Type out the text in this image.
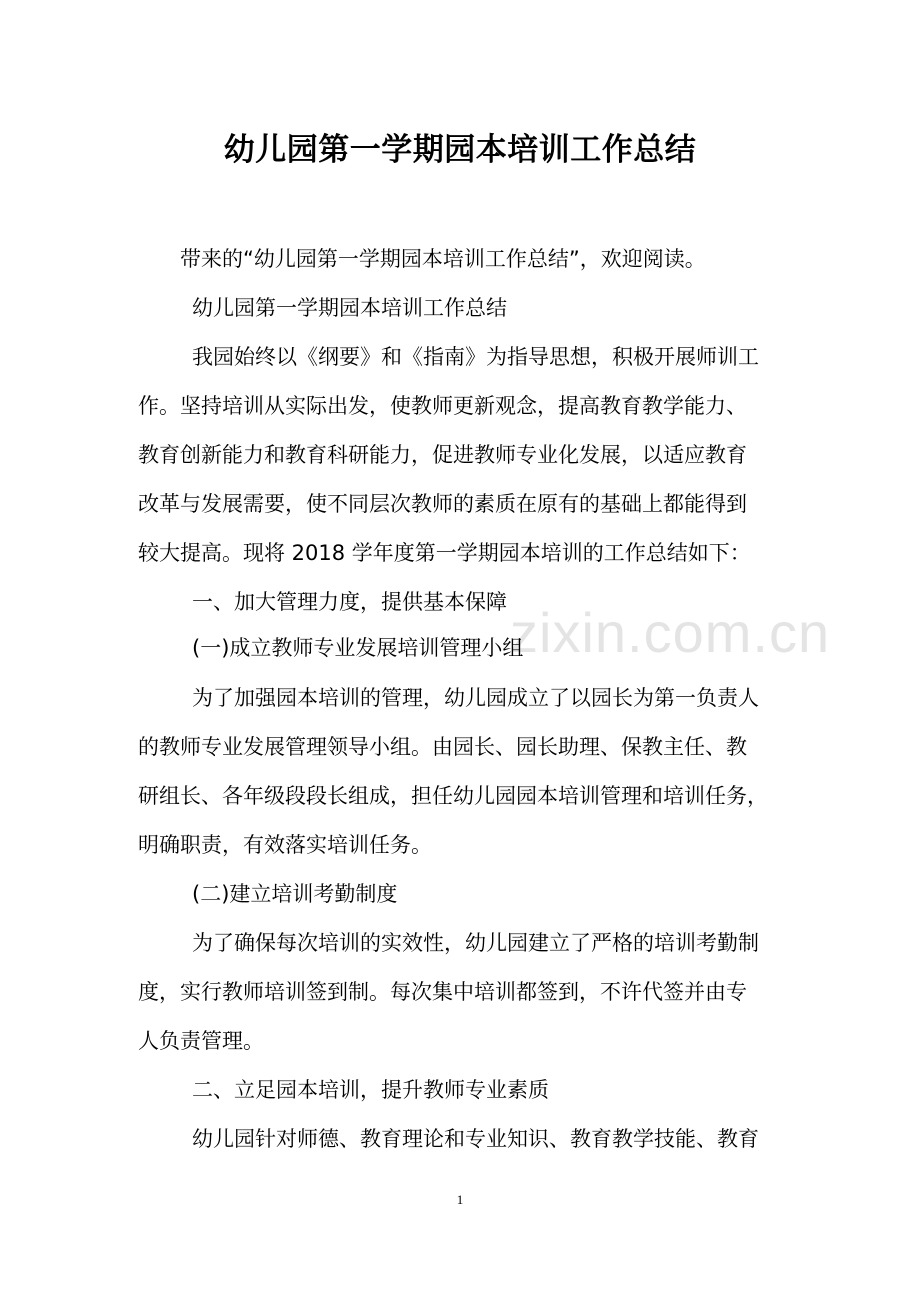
zixin.com.cn
幼儿园第一学期园本培训工作总结
带来的“幼儿园第一学期园本培训工作总结”，欢迎阅读。
幼儿园第一学期园本培训工作总结
我园始终以《纲要》和《指南》为指导思想，积极开展师训工
作。坚持培训从实际出发，使教师更新观念，提高教育教学能力、
教育创新能力和教育科研能力，促进教师专业化发展，以适应教育
改革与发展需要，使不同层次教师的素质在原有的基础上都能得到
较大提高。现将 2018 学年度第一学期园本培训的工作总结如下：
一、加大管理力度，提供基本保障
(一)成立教师专业发展培训管理小组
为了加强园本培训的管理，幼儿园成立了以园长为第一负责人
的教师专业发展管理领导小组。由园长、园长助理、保教主任、教
研组长、各年级段段长组成，担任幼儿园园本培训管理和培训任务，
明确职责，有效落实培训任务。
(二)建立培训考勤制度
为了确保每次培训的实效性，幼儿园建立了严格的培训考勤制
度，实行教师培训签到制。每次集中培训都签到，不许代签并由专
人负责管理。
二、立足园本培训，提升教师专业素质
幼儿园针对师德、教育理论和专业知识、教育教学技能、教育
1
